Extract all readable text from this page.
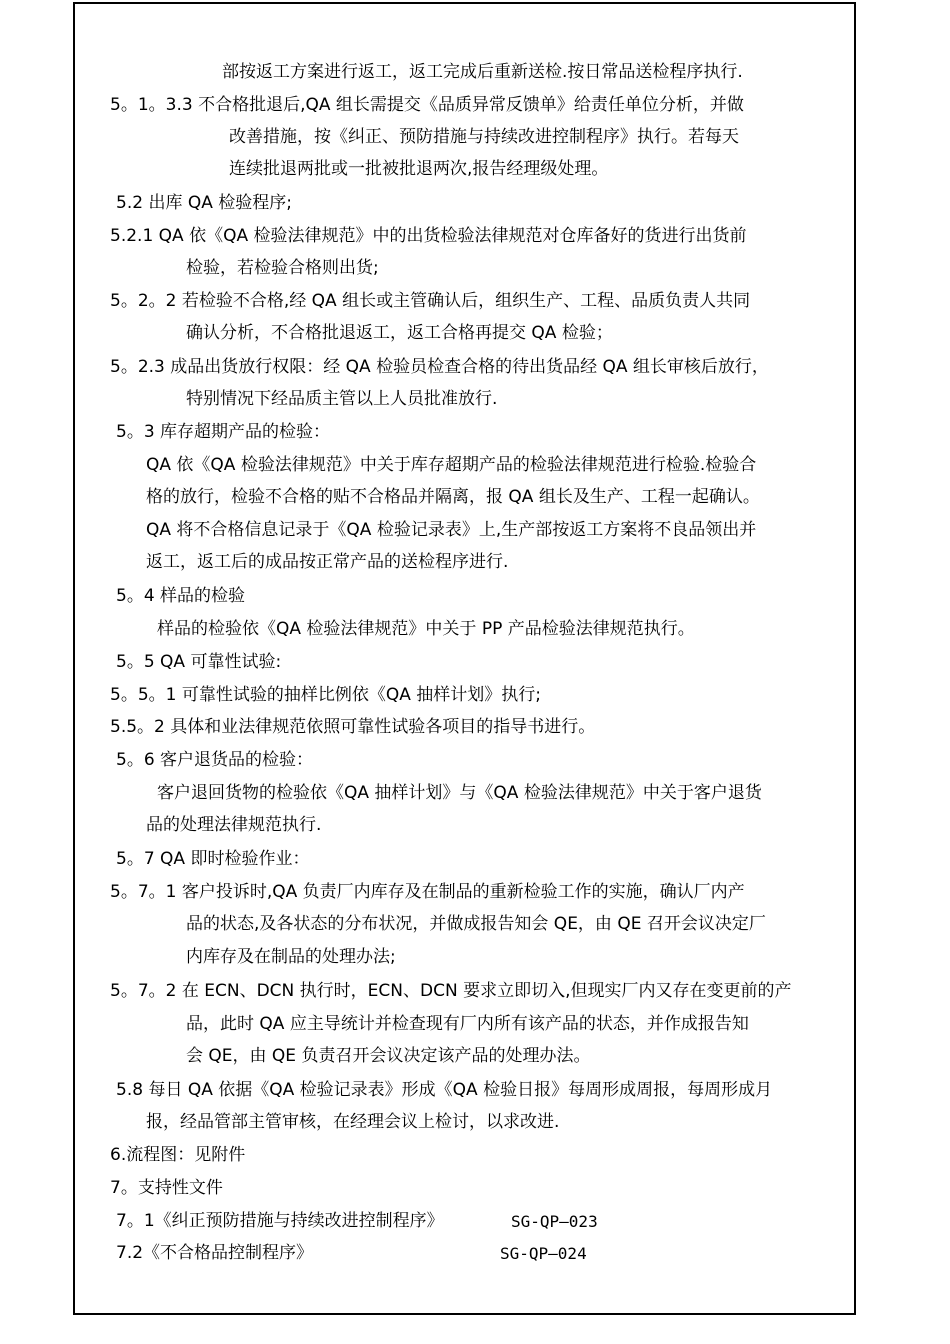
部按返工方案进行返工，返工完成后重新送检.按日常品送检程序执行.
5。1。3.3 不合格批退后,QA 组长需提交《品质异常反馈单》给责任单位分析，并做
改善措施，按《纠正、预防措施与持续改进控制程序》执行。若每天
连续批退两批或一批被批退两次,报告经理级处理。
5.2 出库 QA 检验程序;
5.2.1 QA 依《QA 检验法律规范》中的出货检验法律规范对仓库备好的货进行出货前
检验，若检验合格则出货;
5。2。2 若检验不合格,经 QA 组长或主管确认后，组织生产、工程、品质负责人共同
确认分析，不合格批退返工，返工合格再提交 QA 检验；
5。2.3 成品出货放行权限：经 QA 检验员检查合格的待出货品经 QA 组长审核后放行，
特别情况下经品质主管以上人员批准放行.
5。3 库存超期产品的检验：
QA 依《QA 检验法律规范》中关于库存超期产品的检验法律规范进行检验.检验合
格的放行，检验不合格的贴不合格品并隔离，报 QA 组长及生产、工程一起确认。
QA 将不合格信息记录于《QA 检验记录表》上,生产部按返工方案将不良品领出并
返工，返工后的成品按正常产品的送检程序进行.
5。4 样品的检验
样品的检验依《QA 检验法律规范》中关于 PP 产品检验法律规范执行。
5。5 QA 可靠性试验:
5。5。1 可靠性试验的抽样比例依《QA 抽样计划》执行;
5.5。2 具体和业法律规范依照可靠性试验各项目的指导书进行。
5。6 客户退货品的检验：
客户退回货物的检验依《QA 抽样计划》与《QA 检验法律规范》中关于客户退货
品的处理法律规范执行.
5。7 QA 即时检验作业：
5。7。1 客户投诉时,QA 负责厂内库存及在制品的重新检验工作的实施，确认厂内产
品的状态,及各状态的分布状况，并做成报告知会 QE，由 QE 召开会议决定厂
内库存及在制品的处理办法;
5。7。2 在 ECN、DCN 执行时，ECN、DCN 要求立即切入,但现实厂内又存在变更前的产
品，此时 QA 应主导统计并检查现有厂内所有该产品的状态，并作成报告知
会 QE，由 QE 负责召开会议决定该产品的处理办法。
5.8 每日 QA 依据《QA 检验记录表》形成《QA 检验日报》每周形成周报，每周形成月
报，经品管部主管审核，在经理会议上检讨，以求改进.
6.流程图：见附件
7。支持性文件
7。1《纠正预防措施与持续改进控制程序》	SG-QP—023
7.2《不合格品控制程序》	SG-QP—024
